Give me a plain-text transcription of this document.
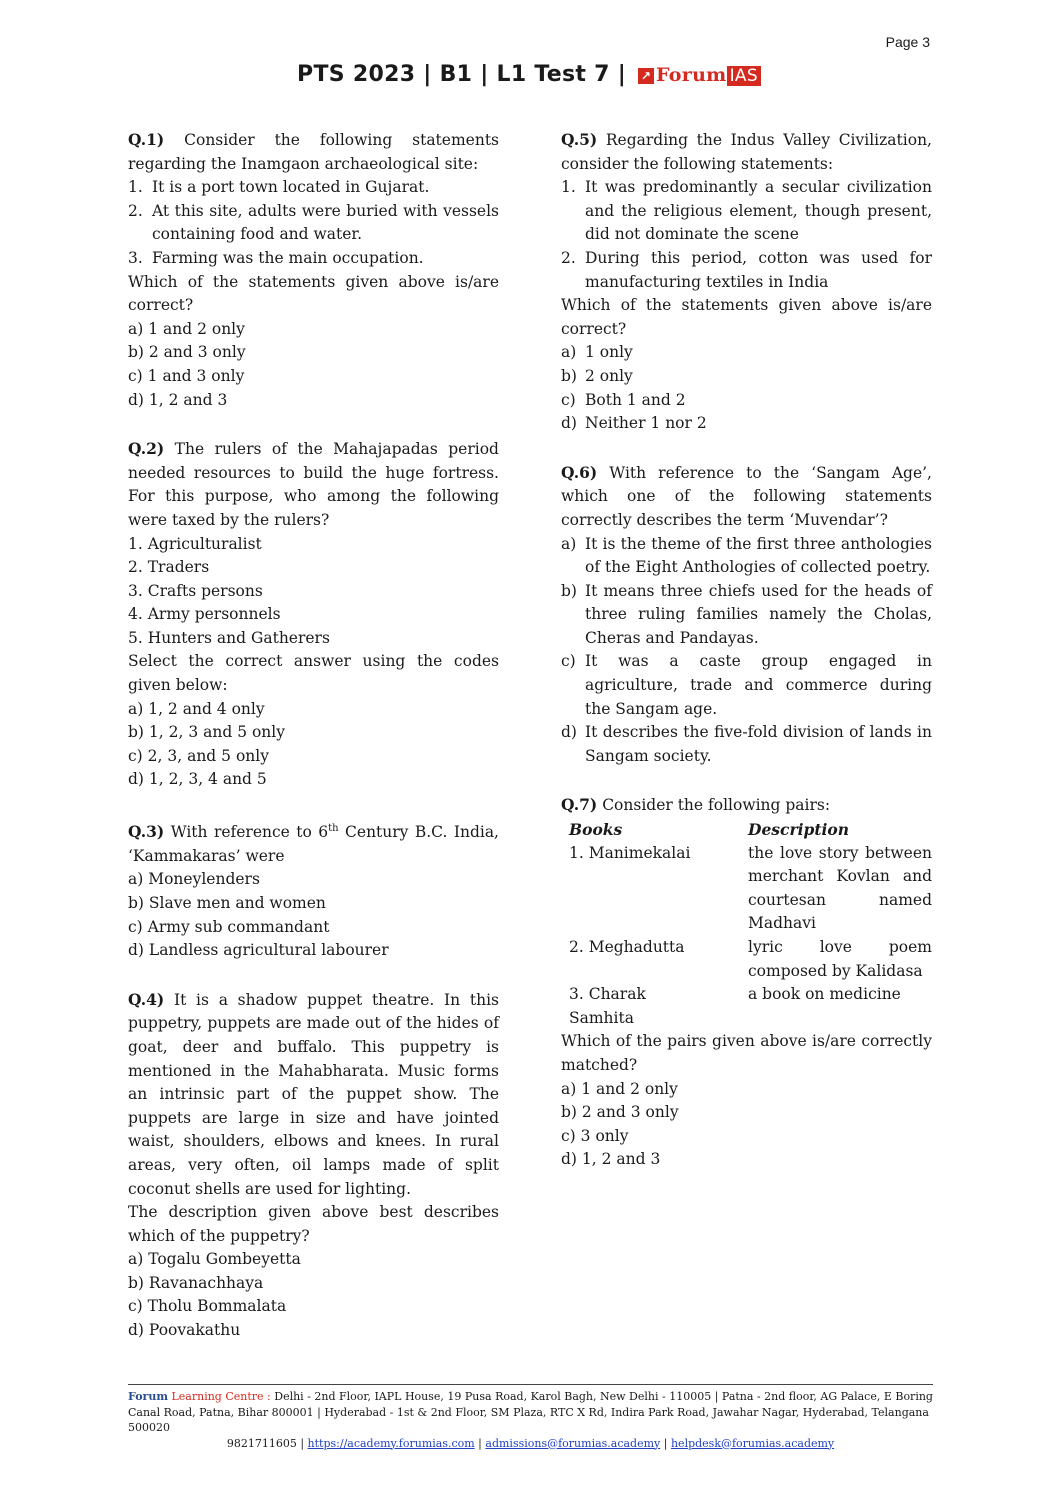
Page 3
PTS 2023 | B1 | L1 Test 7 | ↗ Forum IAS
Q.1) Consider the following statements regarding the Inamgaon archaeological site:
1. It is a port town located in Gujarat.
2. At this site, adults were buried with vessels containing food and water.
3. Farming was the main occupation.
Which of the statements given above is/are correct?
a) 1 and 2 only
b) 2 and 3 only
c) 1 and 3 only
d) 1, 2 and 3
Q.2) The rulers of the Mahajapadas period needed resources to build the huge fortress. For this purpose, who among the following were taxed by the rulers?
1. Agriculturalist
2. Traders
3. Crafts persons
4. Army personnels
5. Hunters and Gatherers
Select the correct answer using the codes given below:
a) 1, 2 and 4 only
b) 1, 2, 3 and 5 only
c) 2, 3, and 5 only
d) 1, 2, 3, 4 and 5
Q.3) With reference to 6th Century B.C. India, ‘Kammakaras’ were
a) Moneylenders
b) Slave men and women
c) Army sub commandant
d) Landless agricultural labourer
Q.4) It is a shadow puppet theatre. In this puppetry, puppets are made out of the hides of goat, deer and buffalo. This puppetry is mentioned in the Mahabharata. Music forms an intrinsic part of the puppet show. The puppets are large in size and have jointed waist, shoulders, elbows and knees. In rural areas, very often, oil lamps made of split coconut shells are used for lighting.
The description given above best describes which of the puppetry?
a) Togalu Gombeyetta
b) Ravanachhaya
c) Tholu Bommalata
d) Poovakathu
Q.5) Regarding the Indus Valley Civilization, consider the following statements:
1. It was predominantly a secular civilization and the religious element, though present, did not dominate the scene
2. During this period, cotton was used for manufacturing textiles in India
Which of the statements given above is/are correct?
a) 1 only
b) 2 only
c) Both 1 and 2
d) Neither 1 nor 2
Q.6) With reference to the ‘Sangam Age’, which one of the following statements correctly describes the term ‘Muvendar’?
a) It is the theme of the first three anthologies of the Eight Anthologies of collected poetry.
b) It means three chiefs used for the heads of three ruling families namely the Cholas, Cheras and Pandayas.
c) It was a caste group engaged in agriculture, trade and commerce during the Sangam age.
d) It describes the five-fold division of lands in Sangam society.
Q.7) Consider the following pairs:
Books	Description
1. Manimekalai	the love story between merchant Kovlan and courtesan named Madhavi
2. Meghadutta	lyric love poem composed by Kalidasa
3. Charak Samhita	a book on medicine
Which of the pairs given above is/are correctly matched?
a) 1 and 2 only
b) 2 and 3 only
c) 3 only
d) 1, 2 and 3
Forum Learning Centre : Delhi - 2nd Floor, IAPL House, 19 Pusa Road, Karol Bagh, New Delhi - 110005 | Patna - 2nd floor, AG Palace, E Boring Canal Road, Patna, Bihar 800001 | Hyderabad - 1st & 2nd Floor, SM Plaza, RTC X Rd, Indira Park Road, Jawahar Nagar, Hyderabad, Telangana 500020
9821711605 | https://academy.forumias.com | admissions@forumias.academy | helpdesk@forumias.academy
